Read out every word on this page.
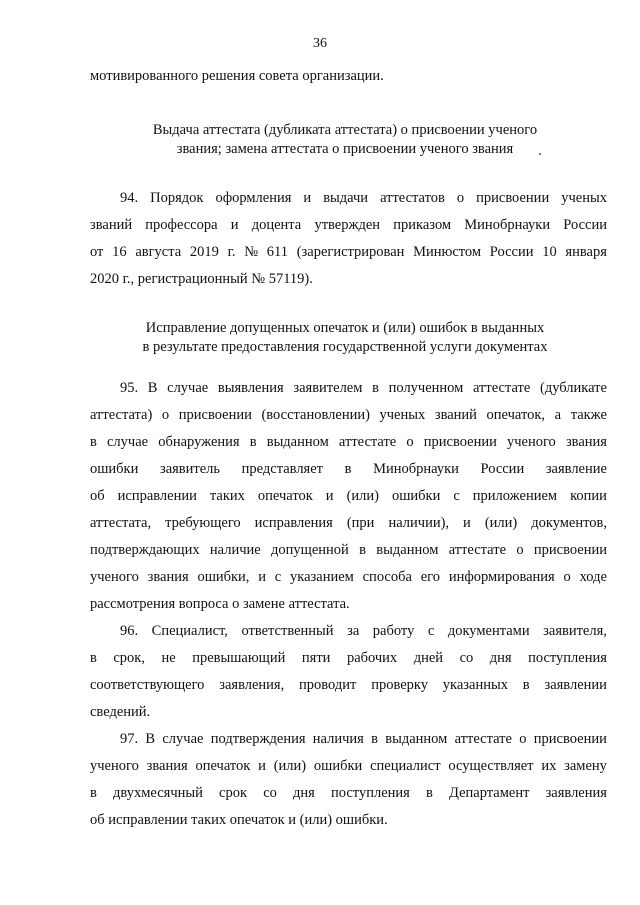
36
мотивированного решения совета организации.
Выдача аттестата (дубликата аттестата) о присвоении ученого
звания; замена аттестата о присвоении ученого звания
94. Порядок оформления и выдачи аттестатов о присвоении ученых
званий профессора и доцента утвержден приказом Минобрнауки России
от 16 августа 2019 г. № 611 (зарегистрирован Минюстом России 10 января
2020 г., регистрационный № 57119).
Исправление допущенных опечаток и (или) ошибок в выданных
в результате предоставления государственной услуги документах
95. В случае выявления заявителем в полученном аттестате (дубликате
аттестата) о присвоении (восстановлении) ученых званий опечаток, а также
в случае обнаружения в выданном аттестате о присвоении ученого звания
ошибки заявитель представляет в Минобрнауки России заявление
об исправлении таких опечаток и (или) ошибки с приложением копии
аттестата, требующего исправления (при наличии), и (или) документов,
подтверждающих наличие допущенной в выданном аттестате о присвоении
ученого звания ошибки, и с указанием способа его информирования о ходе
рассмотрения вопроса о замене аттестата.
96. Специалист, ответственный за работу с документами заявителя,
в срок, не превышающий пяти рабочих дней со дня поступления
соответствующего заявления, проводит проверку указанных в заявлении
сведений.
97. В случае подтверждения наличия в выданном аттестате о присвоении
ученого звания опечаток и (или) ошибки специалист осуществляет их замену
в двухмесячный срок со дня поступления в Департамент заявления
об исправлении таких опечаток и (или) ошибки.
